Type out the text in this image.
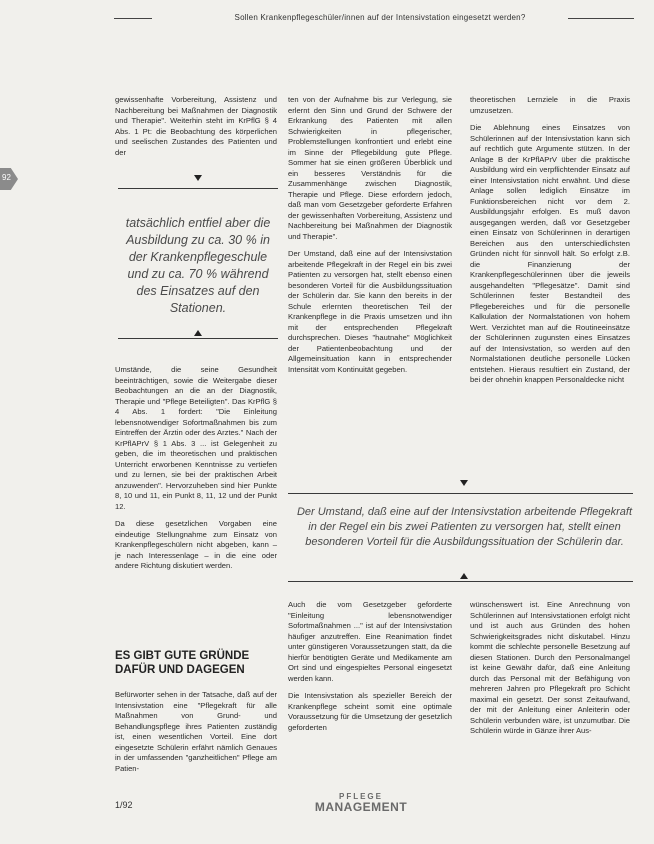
Sollen Krankenpflegeschüler/innen auf der Intensivstation eingesetzt werden?
92

gewissenhafte Vorbereitung, Assistenz und Nachbereitung bei Maßnahmen der Diagnostik und Therapie". Weiterhin steht im KrPflG § 4 Abs. 1 Pt: die Beobachtung des körperlichen und seelischen Zustandes des Patienten und der

tatsächlich entfiel aber die Ausbildung zu ca. 30 % in der Krankenpflegeschule und zu ca. 70 % während des Einsatzes auf den Stationen.

Umstände, die seine Gesundheit beeinträchtigen, sowie die Weitergabe dieser Beobachtungen an die an der Diagnostik, Therapie und "Pflege Beteiligten". Das KrPflG § 4 Abs. 1 fordert: "Die Einleitung lebensnotwendiger Sofortmaßnahmen bis zum Eintreffen der Ärztin oder des Arztes." Nach der KrPflAPrV § 1 Abs. 3 ... ist Gelegenheit zu geben, die im theoretischen und praktischen Unterricht erworbenen Kenntnisse zu vertiefen und zu lernen, sie bei der praktischen Arbeit anzuwenden". Hervorzuheben sind hier Punkte 8, 10 und 11, ein Punkt 8, 11, 12 und der Punkt 12.

Da diese gesetzlichen Vorgaben eine eindeutige Stellungnahme zum Einsatz von Krankenpflegeschülern nicht abgeben, kann – je nach Interessenlage – in die eine oder andere Richtung diskutiert werden.

ES GIBT GUTE GRÜNDE DAFÜR UND DAGEGEN

Befürworter sehen in der Tatsache, daß auf der Intensivstation eine "Pflegekraft für alle Maßnahmen von Grund- und Behandlungspflege ihres Patienten zuständig ist, einen wesentlichen Vorteil. Eine dort eingesetzte Schülerin erfährt nämlich Genaues in der umfassenden "ganzheitlichen" Pflege am Patien-

ten von der Aufnahme bis zur Verlegung, sie erlernt den Sinn und Grund der Schwere der Erkrankung des Patienten mit allen Schwierigkeiten in pflegerischer, Problemstellungen konfrontiert und erlebt eine im Sinne der Pflegebildung gute Pflege. Sommer hat sie einen größeren Überblick und ein besseres Verständnis für die Zusammenhänge zwischen Diagnostik, Therapie und Pflege. Diese erfordern jedoch, daß man vom Gesetzgeber geforderte Erfahren der gewissenhaften Vorbereitung, Assistenz und Nachbereitung bei Maßnahmen der Diagnostik und Therapie".

Der Umstand, daß eine auf der Intensivstation arbeitende Pflegekraft in der Regel ein bis zwei Patienten zu versorgen hat, stellt ebenso einen besonderen Vorteil für die Ausbildungssituation der Schülerin dar. Sie kann den bereits in der Schule erlernten theoretischen Teil der Krankenpflege in die Praxis umsetzen und ihn mit der entsprechenden Pflegekraft durchsprechen. Dieses "hautnahe" Möglichkeit der Patientenbeobachtung und der Allgemeinsituation kann in entsprechender Intensität vom Kontinuität gegeben.

theoretischen Lernziele in die Praxis umzusetzen.

Die Ablehnung eines Einsatzes von Schülerinnen auf der Intensivstation kann sich auf rechtlich gute Argumente stützen. In der Anlage B der KrPflAPrV über die praktische Ausbildung wird ein verpflichtender Einsatz auf einer Intensivstation nicht erwähnt. Und diese Anlage sollen lediglich Einsätze im Funktionsbereichen nicht vor dem 2. Ausbildungsjahr erfolgen. Es muß davon ausgegangen werden, daß vor Gesetzgeber einen Einsatz von Schülerinnen in derartigen Bereichen aus den unterschiedlichsten Gründen nicht für sinnvoll hält. So erfolgt z.B. die Finanzierung der Krankenpflegeschülerinnen über die jeweils ausgehandelten "Pflegesätze". Damit sind Schülerinnen fester Bestandteil des Pflegebereiches und für die personelle Kalkulation der Normalstationen von hohem Wert. Verzichtet man auf die Routineeinsätze der Schülerinnen zugunsten eines Einsatzes auf der Intensivstation, so werden auf den Normalstationen deutliche personelle Lücken entstehen. Hieraus resultiert ein Zustand, der bei der ohnehin knappen Personaldecke nicht

Der Umstand, daß eine auf der Intensivstation arbeitende Pflegekraft in der Regel ein bis zwei Patienten zu versorgen hat, stellt einen besonderen Vorteil für die Ausbildungssituation der Schülerin dar.

Auch die vom Gesetzgeber geforderte "Einleitung lebensnotwendiger Sofortmaßnahmen ..." ist auf der Intensivstation häufiger anzutreffen. Eine Reanimation findet unter günstigeren Voraussetzungen statt, da die hierfür benötigten Geräte und Medikamente am Ort sind und eingespieltes Personal eingesetzt werden kann.

Die Intensivstation als spezieller Bereich der Krankenpflege scheint somit eine optimale Voraussetzung für die Umsetzung der gesetzlich geforderten

wünschenswert ist. Eine Anrechnung von Schülerinnen auf Intensivstationen erfolgt nicht und ist auch aus Gründen des hohen Schwierigkeitsgrades nicht diskutabel. Hinzu kommt die schlechte personelle Besetzung auf diesen Stationen. Durch den Personalmangel ist keine Gewähr dafür, daß eine Anleitung durch das Personal mit der Befähigung von mehreren Jahren pro Pflegekraft pro Schicht maximal ein gesetzt. Der sonst Zeitaufwand, der mit der Anleitung einer Anleiterin oder Schülerin verbunden wäre, ist unzumutbar. Die Schülerin würde in Gänze ihrer Aus-

1/92
PFLEGE
MANAGEMENT
